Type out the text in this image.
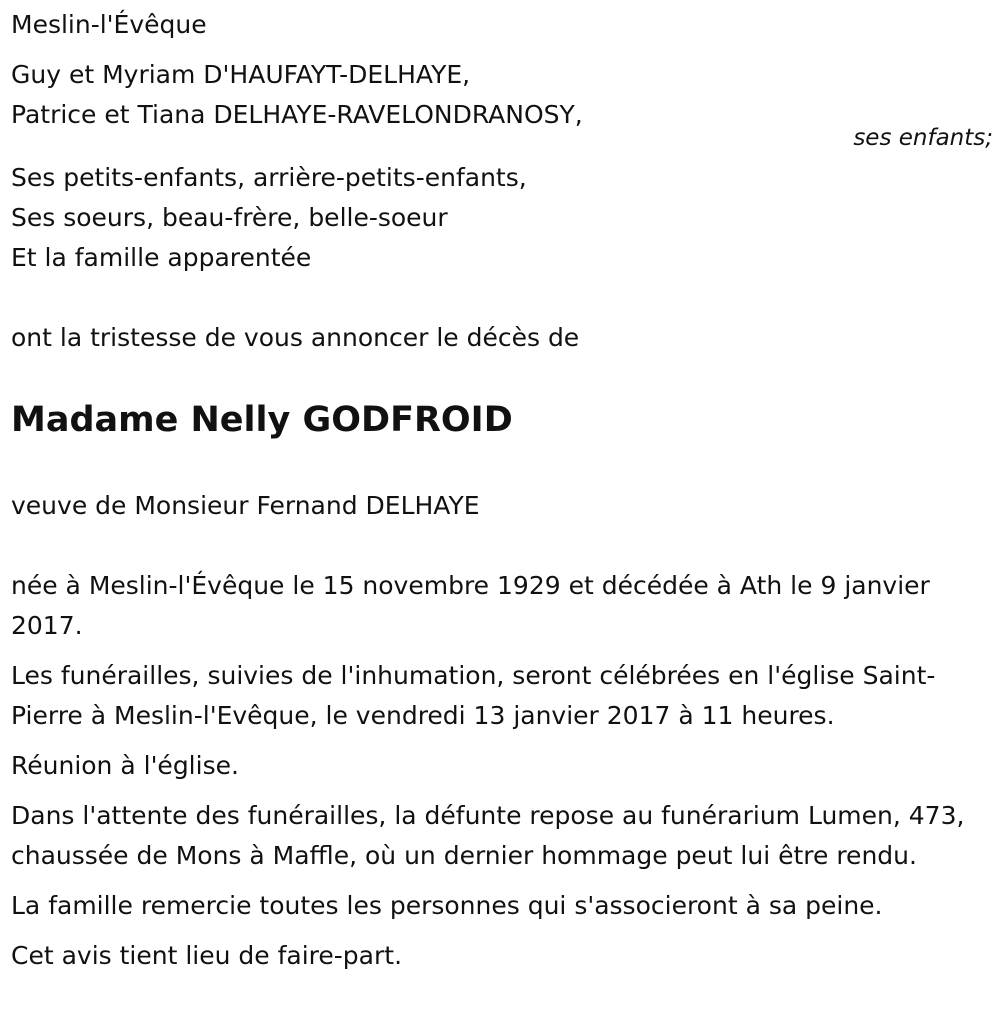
Meslin-l'Évêque
Guy et Myriam D'HAUFAYT-DELHAYE,
Patrice et Tiana DELHAYE-RAVELONDRANOSY,
ses enfants;
Ses petits-enfants, arrière-petits-enfants,
Ses soeurs, beau-frère, belle-soeur
Et la famille apparentée
ont la tristesse de vous annoncer le décès de
Madame Nelly GODFROID
veuve de Monsieur Fernand DELHAYE

née à Meslin-l'Évêque le 15 novembre 1929 et décédée à Ath le 9 janvier 2017.

Les funérailles, suivies de l'inhumation, seront célébrées en l'église Saint-Pierre à Meslin-l'Evêque, le vendredi 13 janvier 2017 à 11 heures.

Réunion à l'église.

Dans l'attente des funérailles, la défunte repose au funérarium Lumen, 473, chaussée de Mons à Maffle, où un dernier hommage peut lui être rendu.

La famille remercie toutes les personnes qui s'associeront à sa peine.

Cet avis tient lieu de faire-part.
